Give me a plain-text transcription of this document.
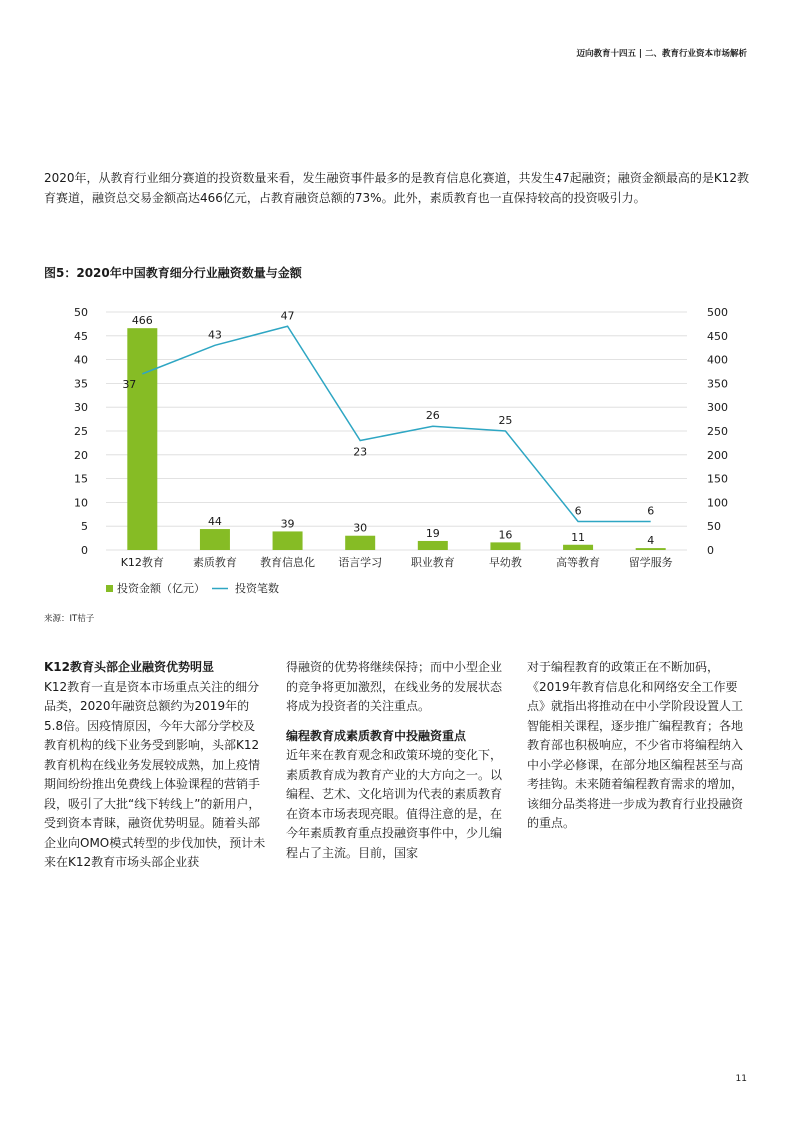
迈向教育十四五 | 二、教育行业资本市场解析

2020年，从教育行业细分赛道的投资数量来看，发生融资事件最多的是教育信息化赛道，共发生47起融资；融资金额最高的是K12教育赛道，融资总交易金额高达466亿元，占教育融资总额的73%。此外，素质教育也一直保持较高的投资吸引力。

图5：2020年中国教育细分行业融资数量与金额
0
5
10
15
20
25
30
35
40
45
50
0
50
100
150
200
250
300
350
400
450
500
466
44	39	30	19	16	11	4
37
43
47
23
26	25
6	6
K12教育	素质教育 教育信息化 语言学习	职业教育	早幼教	高等教育	留学服务
投资金额（亿元）	投资笔数
来源：IT桔子
K12教育头部企业融资优势明显

K12教育一直是资本市场重点关注的细分品类，2020年融资总额约为2019年的5.8倍。因疫情原因，今年大部分学校及教育机构的线下业务受到影响，头部K12教育机构在线业务发展较成熟，加上疫情期间纷纷推出免费线上体验课程的营销手段，吸引了大批“线下转线上”的新用户，受到资本青睐，融资优势明显。随着头部企业向OMO模式转型的步伐加快，预计未来在K12教育市场头部企业获

得融资的优势将继续保持；而中小型企业的竞争将更加激烈，在线业务的发展状态将成为投资者的关注重点。

编程教育成素质教育中投融资重点

近年来在教育观念和政策环境的变化下，素质教育成为教育产业的大方向之一。以编程、艺术、文化培训为代表的素质教育在资本市场表现亮眼。值得注意的是，在今年素质教育重点投融资事件中，少儿编程占了主流。目前，国家

对于编程教育的政策正在不断加码，《2019年教育信息化和网络安全工作要点》就指出将推动在中小学阶段设置人工智能相关课程，逐步推广编程教育；各地教育部也积极响应，不少省市将编程纳入中小学必修课，在部分地区编程甚至与高考挂钩。未来随着编程教育需求的增加，该细分品类将进一步成为教育行业投融资的重点。

11
